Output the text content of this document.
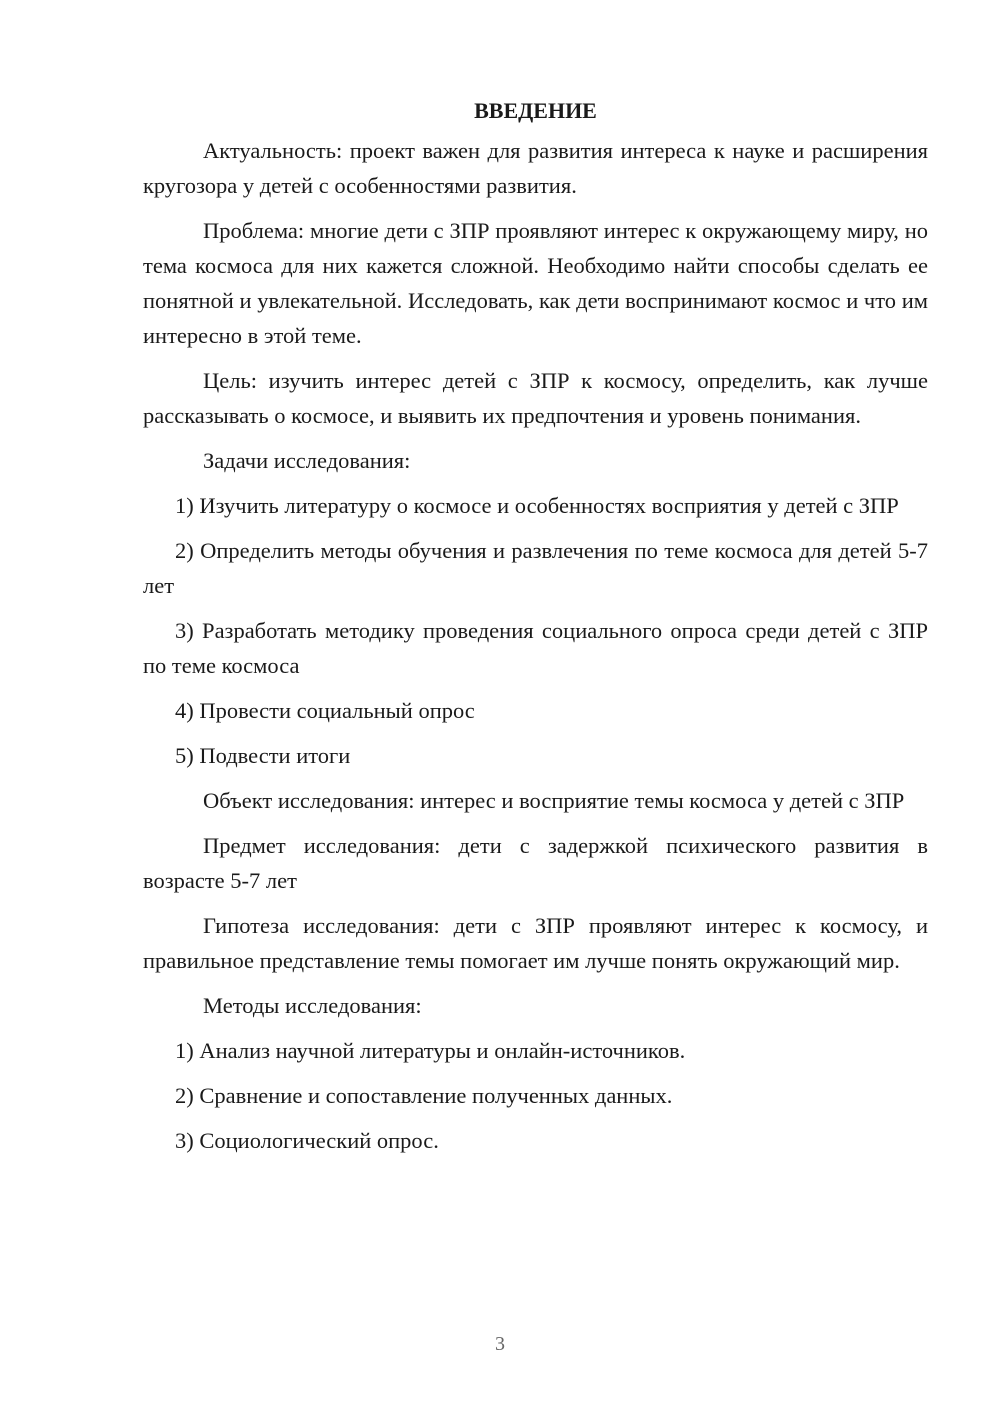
ВВЕДЕНИЕ

Актуальность: проект важен для развития интереса к науке и расширения кругозора у детей с особенностями развития.

Проблема: многие дети с ЗПР проявляют интерес к окружающему миру, но тема космоса для них кажется сложной. Необходимо найти способы сделать ее понятной и увлекательной. Исследовать, как дети воспринимают космос и что им интересно в этой теме.

Цель: изучить интерес детей с ЗПР к космосу, определить, как лучше рассказывать о космосе, и выявить их предпочтения и уровень понимания.

Задачи исследования:

1) Изучить литературу о космосе и особенностях восприятия у детей с ЗПР

2) Определить методы обучения и развлечения по теме космоса для детей 5-7 лет

3) Разработать методику проведения социального опроса среди детей с ЗПР по теме космоса

4) Провести социальный опрос

5) Подвести итоги

Объект исследования: интерес и восприятие темы космоса у детей с ЗПР

Предмет исследования: дети с задержкой психического развития в возрасте 5-7 лет

Гипотеза исследования: дети с ЗПР проявляют интерес к космосу, и правильное представление темы помогает им лучше понять окружающий мир.

Методы исследования:

1) Анализ научной литературы и онлайн-источников.

2) Сравнение и сопоставление полученных данных.

3) Социологический опрос.

3
